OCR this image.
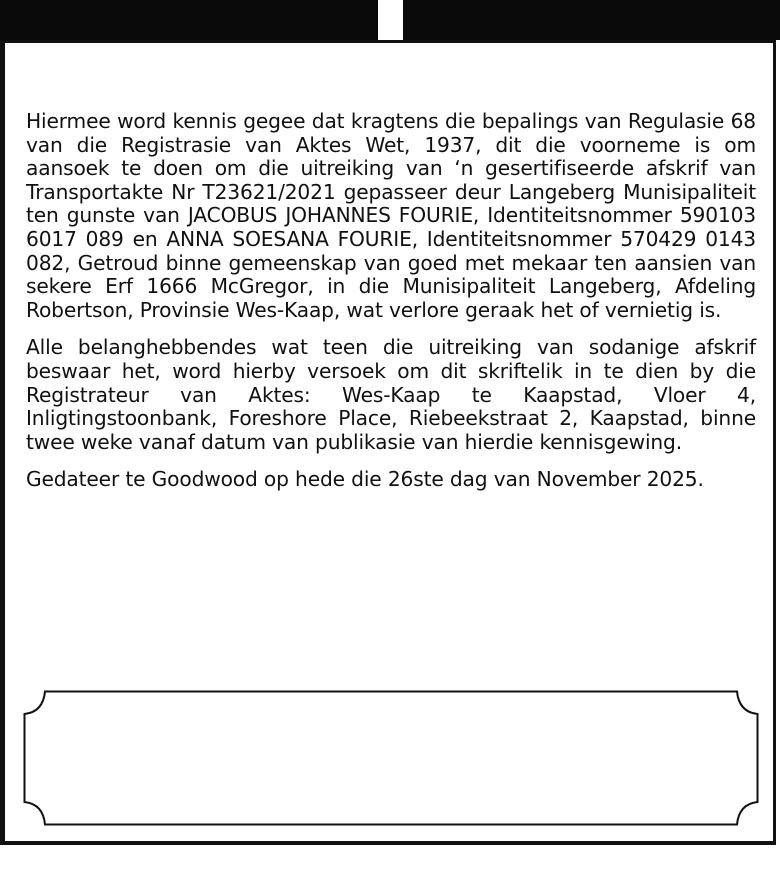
Hiermee word kennis gegee dat kragtens die bepalings van Regulasie 68 van die Registrasie van Aktes Wet, 1937, dit die voorneme is om aansoek te doen om die uitreiking van ‘n gesertifiseerde afskrif van Transportakte Nr T23621/2021 gepasseer deur Langeberg Munisipaliteit ten gunste van JACOBUS JOHANNES FOURIE, Identiteitsnommer 590103 6017 089 en ANNA SOESANA FOURIE, Identiteitsnommer 570429 0143 082, Getroud binne gemeenskap van goed met mekaar ten aansien van sekere Erf 1666 McGregor, in die Munisipaliteit Langeberg, Afdeling Robertson, Provinsie Wes-Kaap, wat verlore geraak het of vernietig is.

Alle belanghebbendes wat teen die uitreiking van sodanige afskrif beswaar het, word hierby versoek om dit skriftelik in te dien by die Registrateur van Aktes: Wes-Kaap te Kaapstad, Vloer 4, Inligtingstoonbank, Foreshore Place, Riebeekstraat 2, Kaapstad, binne twee weke vanaf datum van publikasie van hierdie kennisgewing.

Gedateer te Goodwood op hede die 26ste dag van November 2025.
